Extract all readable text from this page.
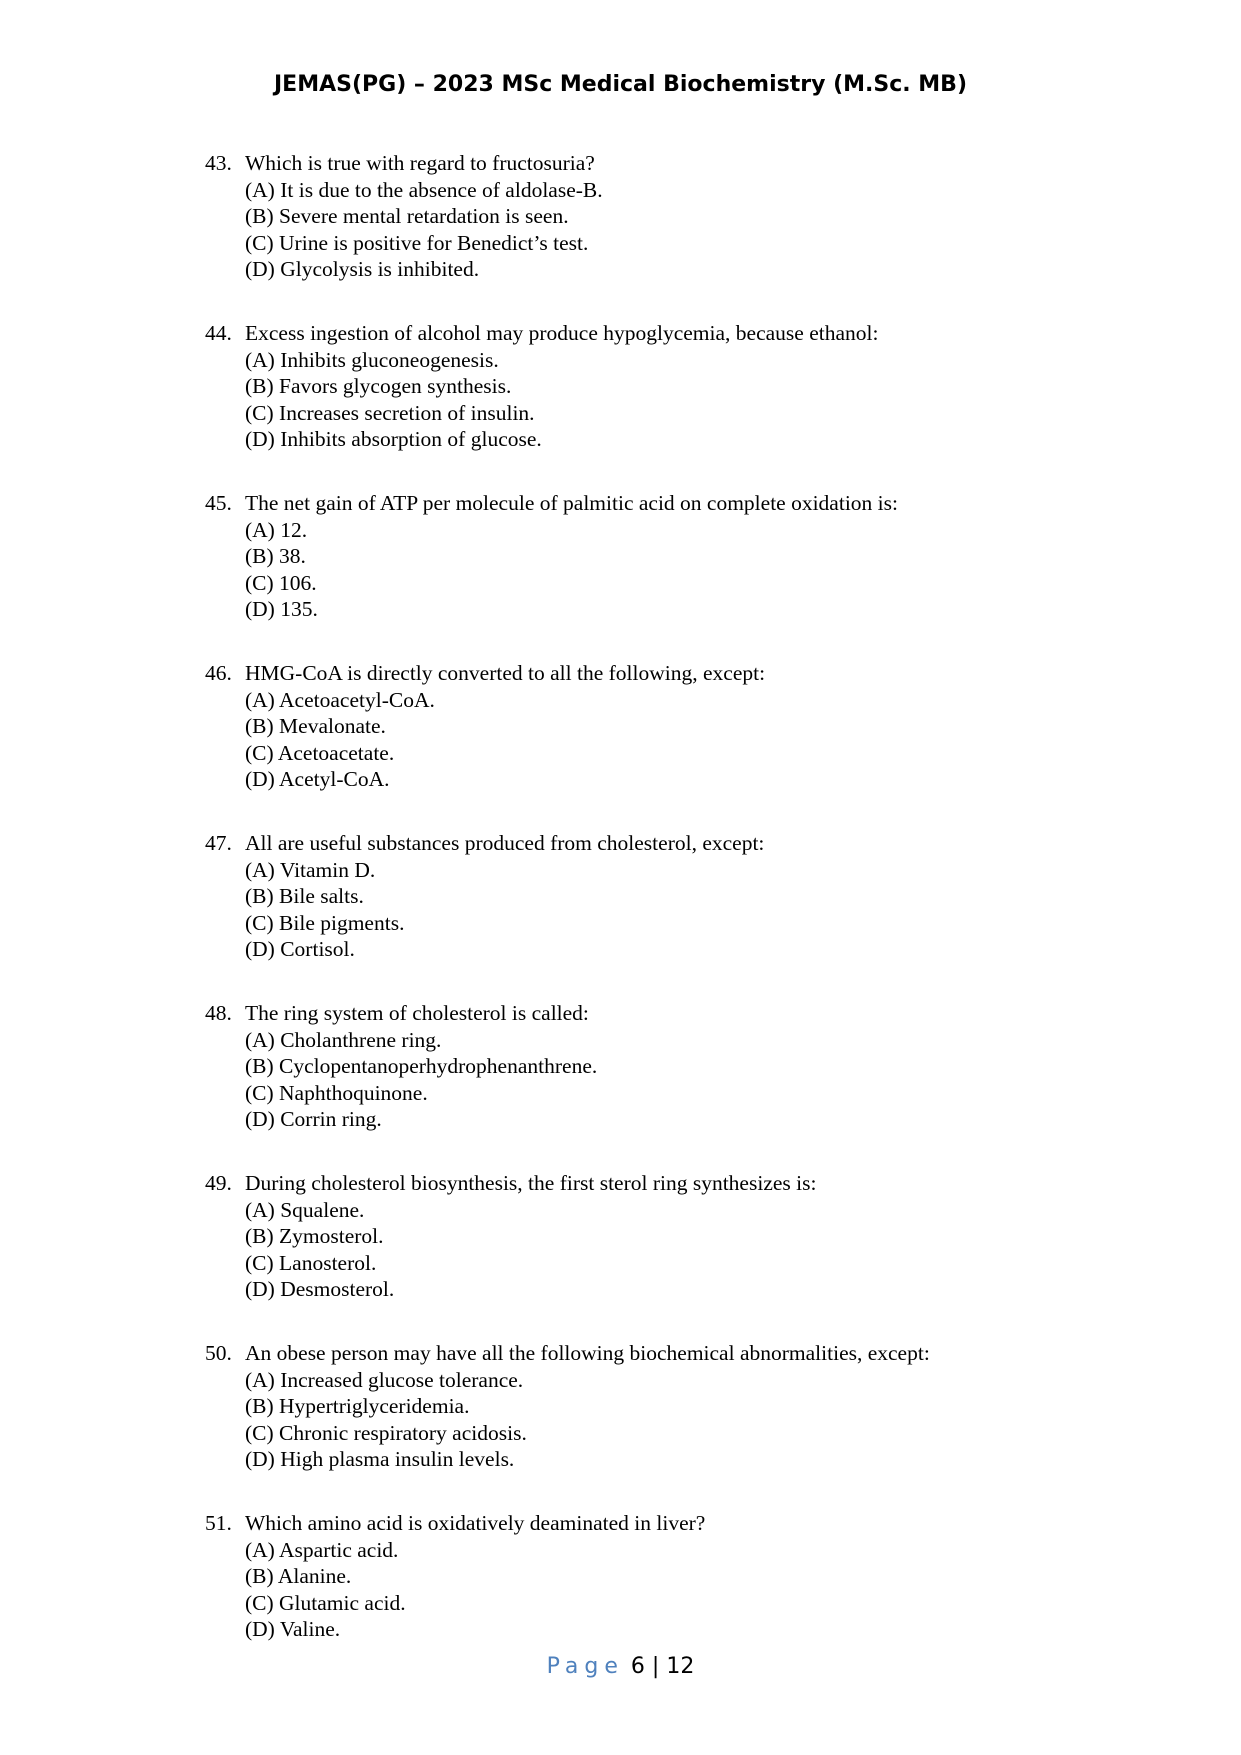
JEMAS(PG) – 2023 MSc Medical Biochemistry (M.Sc. MB)
43. Which is true with regard to fructosuria?
(A) It is due to the absence of aldolase-B.
(B) Severe mental retardation is seen.
(C) Urine is positive for Benedict’s test.
(D) Glycolysis is inhibited.
44. Excess ingestion of alcohol may produce hypoglycemia, because ethanol:
(A) Inhibits gluconeogenesis.
(B) Favors glycogen synthesis.
(C) Increases secretion of insulin.
(D) Inhibits absorption of glucose.
45. The net gain of ATP per molecule of palmitic acid on complete oxidation is:
(A) 12.
(B) 38.
(C) 106.
(D) 135.
46. HMG-CoA is directly converted to all the following, except:
(A) Acetoacetyl-CoA.
(B) Mevalonate.
(C) Acetoacetate.
(D) Acetyl-CoA.
47. All are useful substances produced from cholesterol, except:
(A) Vitamin D.
(B) Bile salts.
(C) Bile pigments.
(D) Cortisol.
48. The ring system of cholesterol is called:
(A) Cholanthrene ring.
(B) Cyclopentanoperhydrophenanthrene.
(C) Naphthoquinone.
(D) Corrin ring.
49. During cholesterol biosynthesis, the first sterol ring synthesizes is:
(A) Squalene.
(B) Zymosterol.
(C) Lanosterol.
(D) Desmosterol.
50. An obese person may have all the following biochemical abnormalities, except:
(A) Increased glucose tolerance.
(B) Hypertriglyceridemia.
(C) Chronic respiratory acidosis.
(D) High plasma insulin levels.
51. Which amino acid is oxidatively deaminated in liver?
(A) Aspartic acid.
(B) Alanine.
(C) Glutamic acid.
(D) Valine.
Page 6 | 12
